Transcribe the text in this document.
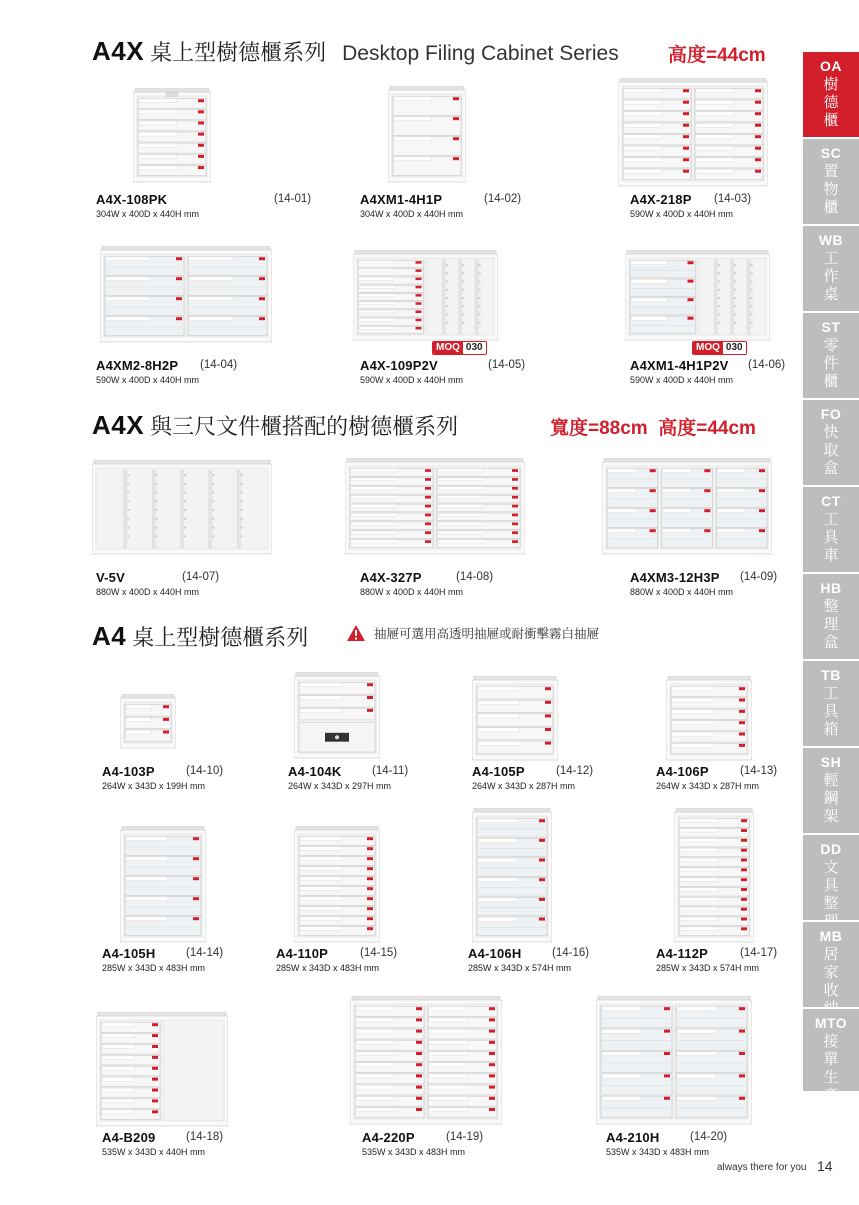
A4X 桌上型樹德櫃系列 Desktop Filing Cabinet Series	高度=44cm
A4X 與三尺文件櫃搭配的樹德櫃系列	寬度=88cm  高度=44cm
A4 桌上型樹德櫃系列	抽屜可選用高透明抽屜或耐衝擊霧白抽屜
A4X-108PK	(14-01)
304W x 400D x 440H mm
A4XM1-4H1P	(14-02)
304W x 400D x 440H mm
A4X-218P (14-03)
590W x 400D x 440H mm
A4XM2-8H2P (14-04)
590W x 400D x 440H mm
A4X-109P2V	(14-05)
590W x 400D x 440H mm
MOQ 030
A4XM1-4H1P2V (14-06)
590W x 400D x 440H mm
MOQ 030
V-5V	(14-07)
880W x 400D x 440H mm
A4X-327P	(14-08)
880W x 400D x 440H mm
A4XM3-12H3P (14-09)
880W x 400D x 440H mm
A4-103P	(14-10)
264W x 343D x 199H mm
A4-104K	(14-11)
264W x 343D x 297H mm
A4-105P	(14-12)
264W x 343D x 287H mm
A4-106P	(14-13)
264W x 343D x 287H mm
A4-105H	(14-14)
285W x 343D x 483H mm
A4-110P	(14-15)
285W x 343D x 483H mm
A4-106H	(14-16)
285W x 343D x 574H mm
A4-112P	(14-17)
285W x 343D x 574H mm
A4-B209	(14-18)
535W x 343D x 440H mm
A4-220P	(14-19)
535W x 343D x 483H mm
A4-210H	(14-20)
535W x 343D x 483H mm
OA
樹德櫃
SC
置物櫃
WB
工作桌
ST
零件櫃
FO
快取盒
CT
工具車
HB
整理盒
TB
工具箱
SH
輕鋼架
DD
文具整
MB
居家收
MTO
接單生產
always there for you 14
